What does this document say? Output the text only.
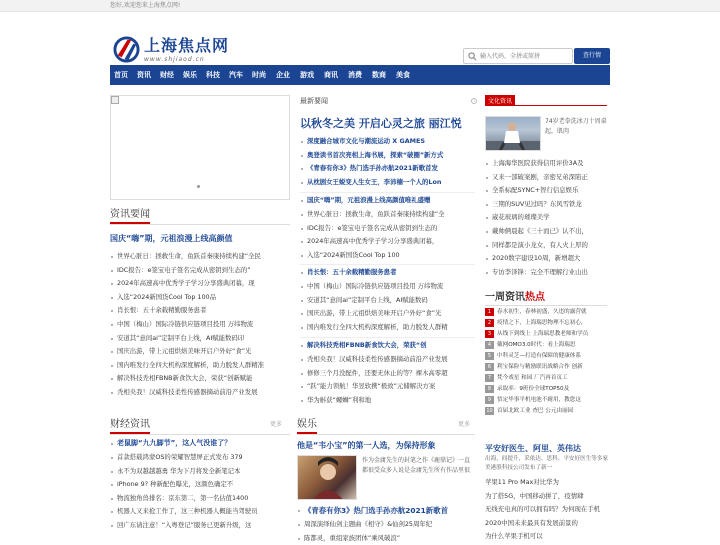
您好,欢迎您来上海焦点网!
上海焦点网
www.shjiaod.cn
输入代码，全拼或简拼
查行情
首页 资讯 财经 娱乐 科技 汽车 时尚 企业 游戏 商讯 消费 数商 美食
资讯要闻
国庆“嗨”期，元祖浪漫上线高颜值
世界心脏日：拯救生命，鱼跃首秦康持续构建“全民
IDC报告：e签宝电子签名完成从密钥到生态的”
2024年高速高中优秀学子学习分享盛典闭幕，现
入选“2024新国货Cool Top 100品
肖长恨：五十余载精勤服务患者
中国（梅山）国际冷链供应链项目投用 万纬物流
安道其“意间ai”定制平台上线，AI赋能数码印
国庆出游，带上元祖烘焙美味开启户外好“食”光
国内唯发行全四大机构深度解析，助力脱发人群精准
解决科技秃相FBNB新食饮大会，荣获“创新赋能
秃相央我！汉威科技柔性传感器摘动前沿产业发展
财经资讯	更多
老鼠脚“九九脚节”，这人气没谁了？
首款搭载鸿蒙OS的荣耀智慧屏正式发布 379
永不为双越越越勇 华为下月将发全新笔记本
iPhone 9? 种新配色曝光，这颜色确定不
物流独角兽排名：京东第二，第一名估值1400
机器人又来抢工作了，这三种机器人概能当驾驶员
回广东请注意！“入粤登记”服务已更新升级，这
最新要闻	i
以秋冬之美 开启心灵之旅 丽江悦
深度融合城市文化与潮流运动 X GAMES
奥登读书首次亮相上海书展，探索“破圈”新方式
《青春有你3》热门选手孙亦航2021新歌首发
从枕剧女王蜕变人生女王，李沛楠一个人的Lon
国庆“嗨”期，元祖浪漫上线高颜值唯礼盛赠
世界心脏日：拯救生命，鱼跃首秦康持续构建“全
IDC报告：e签宝电子签名完成从密钥到生态的
2024年高速高中优秀学子学习分享盛典闭幕，
入选“2024新国货Cool Top 100
肖长恨：五十余载精勤服务患者
中国（梅山）国际冷链供应链项目投用 万纬物流
安道其“意间ai”定制平台上线，AI赋能数码
国庆出游，带上元祖烘焙美味开启户外好“食”光
国内唯发行全四大机构深度解析，助力脱发人群精
解决科技秃相FBNB新食饮大会，荣获“创
秃相央我！汉威科技柔性传感器摘动前沿产业发展
修修三个月没配件，还要无休止的等？裸木高零超
“跃”能力领航！华昱软携“极致”元储解决方案
华为斛获“螺蛳”利和地
娱乐	更多
他是“韦小宝”的第一人选，为保持形象
作为金庸先生的封笔之作《鹿鼎记》一直都很受众多人说是金庸先生所有作品里很
《青春有你3》热门选手孙亦航2021新歌首
周深演绎仙剑主题曲《相守》&仙剑25周年纪
陈都灵，重组家族团体”乘风破浪”
文化资讯
74岁老拳洗冰刀十周桌起，肌肉
上海海华医院获得信用评价3A及
又来一部破案剧，亲密兄弟深陷正
全系标配SYNC+智行信息娱乐
三期的SUV见过吗？东风雪铁龙
崴花玻璃的璀璨美学
戴帅俩晨起《三十而已》认不出，
同样都是演小龙女，有人火上厚的
2020数字建设10周，新增超大
专访李泽锋：完全不理解行业山出
一周资讯热点
1 春水初生，春林初盛，久违的露营就
2 疫情之下，上海瑞思物理不忘初心，
3 从线下到线上 上海瑞思教老师和学员
4 戴网OMO3.0时代：看上海瑞思
5 中科灵芝—打造有保障的健康体系
6 利宝保险与精励联讯战略合作 创新
7 梵今戏星 和园 厂汽再首页工
8 录取率：9班份全球TOP50及
9 悟定毕事平机电池不耐用，教您这
10 首届北欧工业 查巴 公元由丽园
平安好医生、阿里、英伟达
出海，间提升，采依达、思科、平安好医生等多家美港股科技公司发布了新一
苹果11 Pro Max对比华为
为了搭5G，中国移动拼了，疫情肆
无线充电真的可以拥有吗？为何现在手机
2020中国未来最具有发展前景的
为什么苹果手机可以
